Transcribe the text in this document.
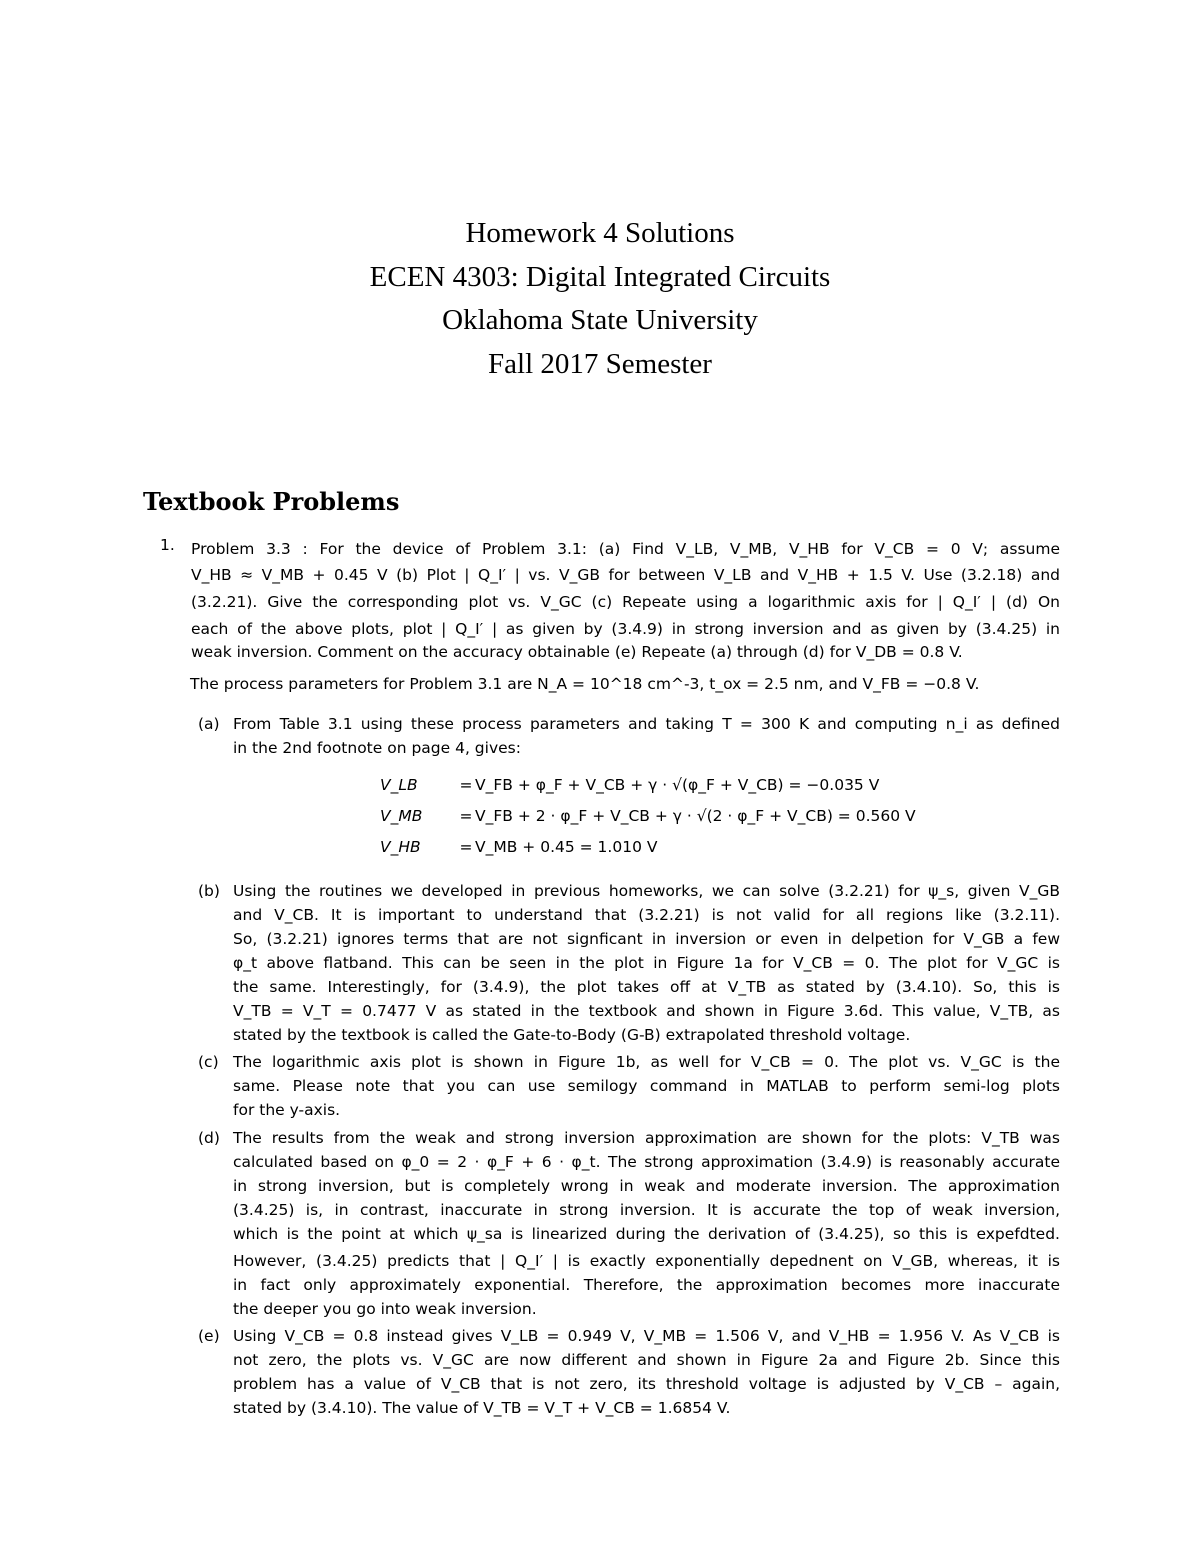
Homework 4 Solutions
ECEN 4303: Digital Integrated Circuits
Oklahoma State University
Fall 2017 Semester
Textbook Problems
1. Problem 3.3 : For the device of Problem 3.1: (a) Find V_LB, V_MB, V_HB for V_CB = 0 V; assume
V_HB ≈ V_MB + 0.45 V (b) Plot | Q_I′ | vs. V_GB for between V_LB and V_HB + 1.5 V. Use (3.2.18) and
(3.2.21). Give the corresponding plot vs. V_GC (c) Repeate using a logarithmic axis for | Q_I′ | (d) On
each of the above plots, plot | Q_I′ | as given by (3.4.9) in strong inversion and as given by (3.4.25) in
weak inversion. Comment on the accuracy obtainable (e) Repeate (a) through (d) for V_DB = 0.8 V.
The process parameters for Problem 3.1 are N_A = 10^18 cm^-3, t_ox = 2.5 nm, and V_FB = −0.8 V.
(a) From Table 3.1 using these process parameters and taking T = 300 K and computing n_i as defined
in the 2nd footnote on page 4, gives:
V_LB	= V_FB + φ_F + V_CB + γ · √(φ_F + V_CB) = −0.035 V
V_MB	= V_FB + 2 · φ_F + V_CB + γ · √(2 · φ_F + V_CB) = 0.560 V
V_HB	= V_MB + 0.45 = 1.010 V
(b) Using the routines we developed in previous homeworks, we can solve (3.2.21) for ψ_s, given V_GB
and V_CB. It is important to understand that (3.2.21) is not valid for all regions like (3.2.11).
So, (3.2.21) ignores terms that are not signficant in inversion or even in delpetion for V_GB a few
φ_t above flatband. This can be seen in the plot in Figure 1a for V_CB = 0. The plot for V_GC is
the same. Interestingly, for (3.4.9), the plot takes off at V_TB as stated by (3.4.10). So, this is
V_TB = V_T = 0.7477 V as stated in the textbook and shown in Figure 3.6d. This value, V_TB, as
stated by the textbook is called the Gate-to-Body (G-B) extrapolated threshold voltage.
(c) The logarithmic axis plot is shown in Figure 1b, as well for V_CB = 0. The plot vs. V_GC is the
same. Please note that you can use semilogy command in MATLAB to perform semi-log plots
for the y-axis.
(d) The results from the weak and strong inversion approximation are shown for the plots: V_TB was
calculated based on φ_0 = 2 · φ_F + 6 · φ_t. The strong approximation (3.4.9) is reasonably accurate
in strong inversion, but is completely wrong in weak and moderate inversion. The approximation
(3.4.25) is, in contrast, inaccurate in strong inversion. It is accurate the top of weak inversion,
which is the point at which ψ_sa is linearized during the derivation of (3.4.25), so this is expefdted.
However, (3.4.25) predicts that | Q_I′ | is exactly exponentially depednent on V_GB, whereas, it is
in fact only approximately exponential. Therefore, the approximation becomes more inaccurate
the deeper you go into weak inversion.
(e) Using V_CB = 0.8 instead gives V_LB = 0.949 V, V_MB = 1.506 V, and V_HB = 1.956 V. As V_CB is
not zero, the plots vs. V_GC are now different and shown in Figure 2a and Figure 2b. Since this
problem has a value of V_CB that is not zero, its threshold voltage is adjusted by V_CB – again,
stated by (3.4.10). The value of V_TB = V_T + V_CB = 1.6854 V.
